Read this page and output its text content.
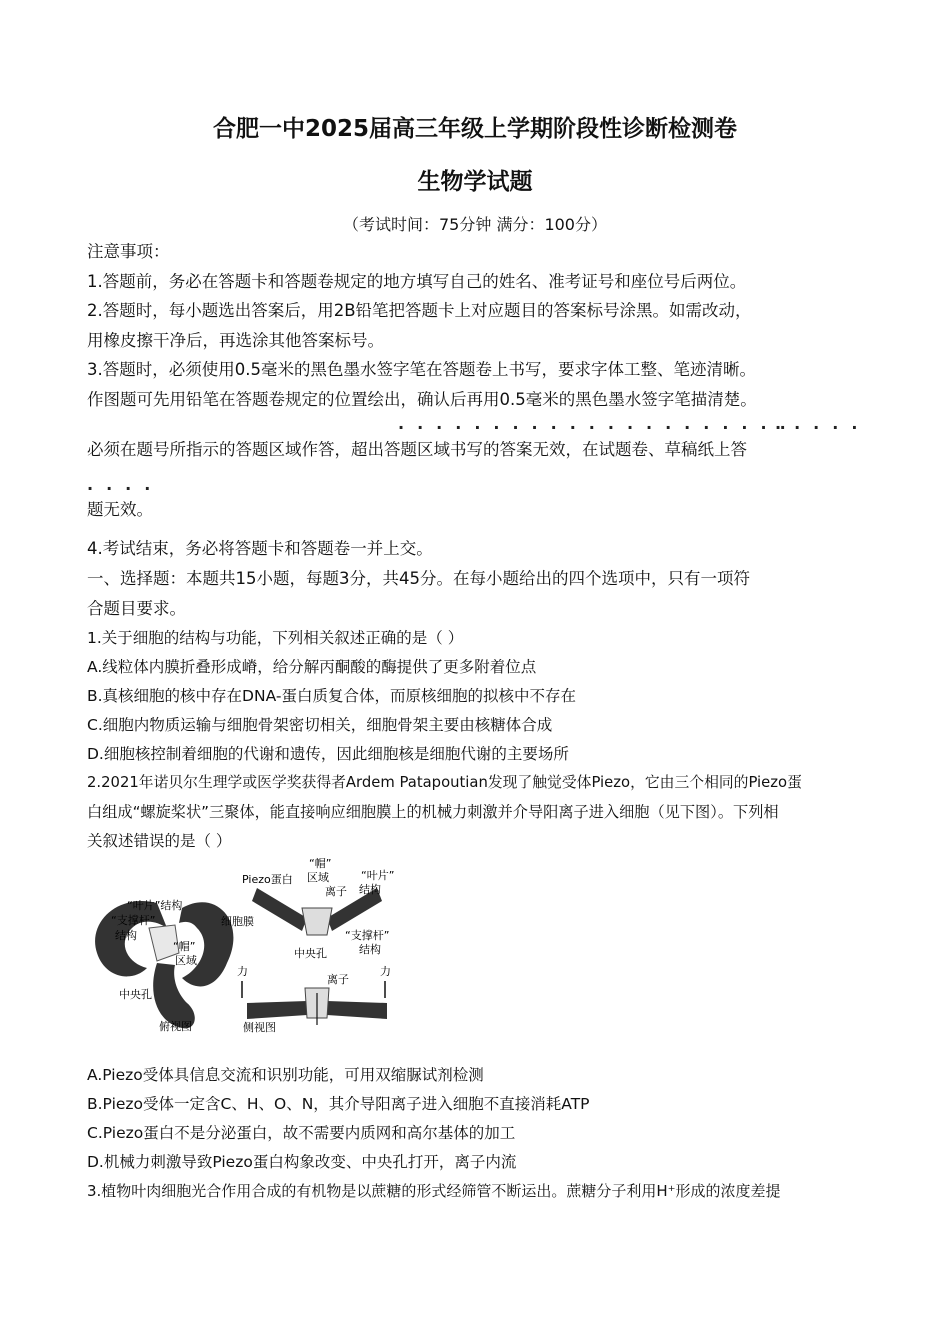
合肥一中2025届高三年级上学期阶段性诊断检测卷
生物学试题
（考试时间：75分钟 满分：100分）
注意事项：
1.答题前，务必在答题卡和答题卷规定的地方填写自己的姓名、准考证号和座位号后两位。
2.答题时，每小题选出答案后，用2B铅笔把答题卡上对应题目的答案标号涂黑。如需改动，
用橡皮擦干净后，再选涂其他答案标号。
3.答题时，必须使用0.5毫米的黑色墨水签字笔在答题卷上书写，要求字体工整、笔迹清晰。
作图题可先用铅笔在答题卷规定的位置绘出，确认后再用0.5毫米的黑色墨水签字笔描清楚。
·····················
·····
必须在题号所指示的答题区域作答，超出答题区域书写的答案无效，在试题卷、草稿纸上答
····
题无效。
4.考试结束，务必将答题卡和答题卷一并上交。
一、选择题：本题共15小题，每题3分，共45分。在每小题给出的四个选项中，只有一项符
合题目要求。
1.关于细胞的结构与功能，下列相关叙述正确的是（ ）
A.线粒体内膜折叠形成嵴，给分解丙酮酸的酶提供了更多附着位点
B.真核细胞的核中存在DNA-蛋白质复合体，而原核细胞的拟核中不存在
C.细胞内物质运输与细胞骨架密切相关，细胞骨架主要由核糖体合成
D.细胞核控制着细胞的代谢和遗传，因此细胞核是细胞代谢的主要场所
2.2021年诺贝尔生理学或医学奖获得者Ardem Patapoutian发现了触觉受体Piezo，它由三个相同的Piezo蛋
白组成“螺旋桨状”三聚体，能直接响应细胞膜上的机械力刺激并介导阳离子进入细胞（见下图）。下列相
关叙述错误的是（ ）
“叶片”结构
“支撑杆”
结构
“帽”
区域
中央孔
俯视图
Piezo蛋白
“帽”
区域	“叶片”
结构
离子
细胞膜
“支撑杆”
结构
中央孔
力	力
离子
侧视图
A.Piezo受体具信息交流和识别功能，可用双缩脲试剂检测
B.Piezo受体一定含C、H、O、N，其介导阳离子进入细胞不直接消耗ATP
C.Piezo蛋白不是分泌蛋白，故不需要内质网和高尔基体的加工
D.机械力刺激导致Piezo蛋白构象改变、中央孔打开，离子内流
3.植物叶肉细胞光合作用合成的有机物是以蔗糖的形式经筛管不断运出。蔗糖分子利用H⁺形成的浓度差提
